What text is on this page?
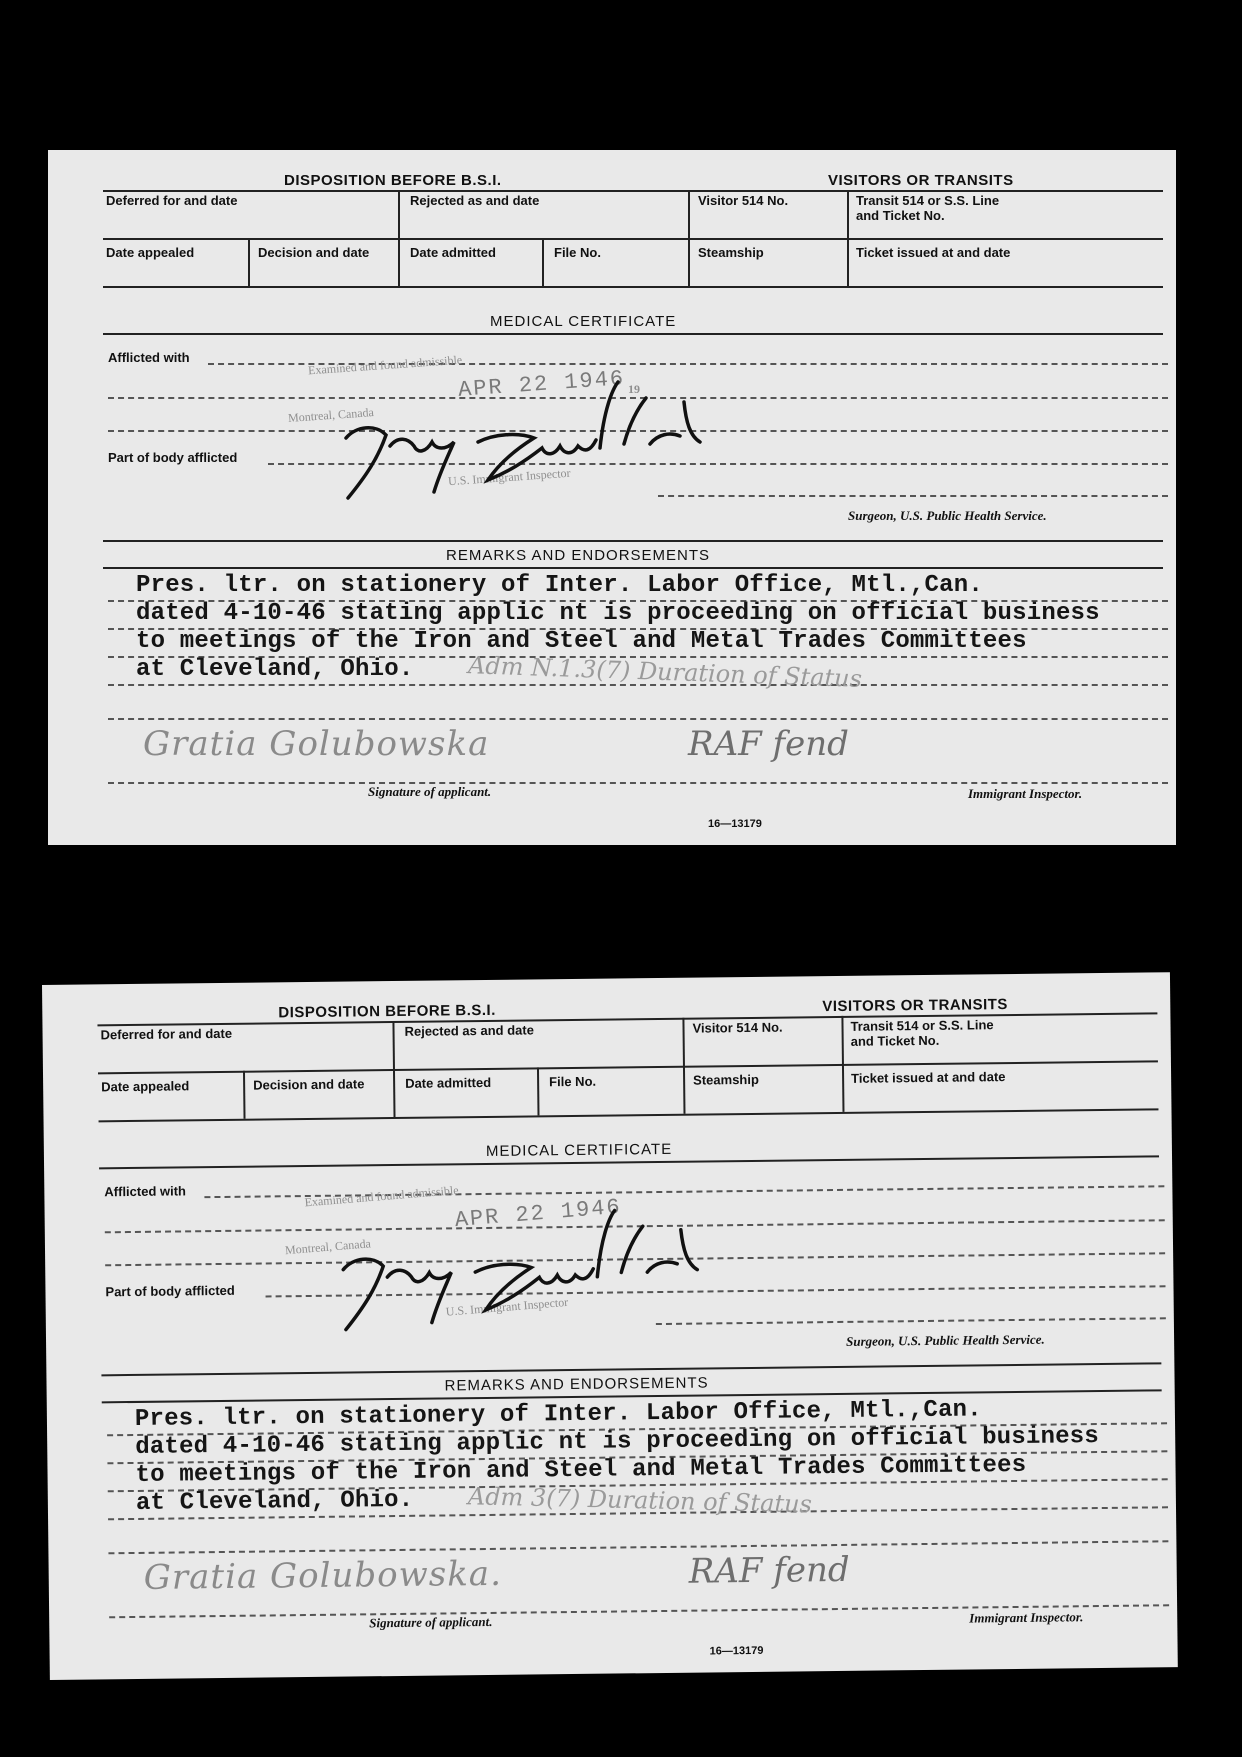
DISPOSITION BEFORE B.S.I.	VISITORS OR TRANSITS
Deferred for and date	Rejected as and date	Visitor 514 No.	Transit 514 or S.S. Line
and Ticket No.
Date appealed	Decision and date	Date admitted	File No.	Steamship	Ticket issued at and date
MEDICAL CERTIFICATE
Afflicted with
Part of body afflicted
Surgeon, U.S. Public Health Service.
Examined and found admissible
Montreal, Canada
APR 22 1946 19
U.S. Immigrant Inspector
REMARKS AND ENDORSEMENTS
Pres. ltr. on stationery of Inter. Labor Office, Mtl.,Can.
dated 4-10-46 stating applic nt is proceeding on official business
to meetings of the Iron and Steel and Metal Trades Committees
at Cleveland, Ohio. Adm N.1.3(7) Duration of Status
Gratia Golubowska	RAF fend
Signature of applicant.	Immigrant Inspector.
16—13179
DISPOSITION BEFORE B.S.I.	VISITORS OR TRANSITS
Deferred for and date	Rejected as and date	Visitor 514 No.	Transit 514 or S.S. Line
and Ticket No.
Date appealed	Decision and date	Date admitted	File No.	Steamship	Ticket issued at and date
MEDICAL CERTIFICATE
Afflicted with
Part of body afflicted
Surgeon, U.S. Public Health Service.
Examined and found admissible
Montreal, Canada
APR 22 1946
U.S. Immigrant Inspector
REMARKS AND ENDORSEMENTS
Pres. ltr. on stationery of Inter. Labor Office, Mtl.,Can.
dated 4-10-46 stating applic nt is proceeding on official business
to meetings of the Iron and Steel and Metal Trades Committees
at Cleveland, Ohio. Adm 3(7) Duration of Status
Gratia Golubowska.	RAF fend
Signature of applicant.	Immigrant Inspector.
16—13179
